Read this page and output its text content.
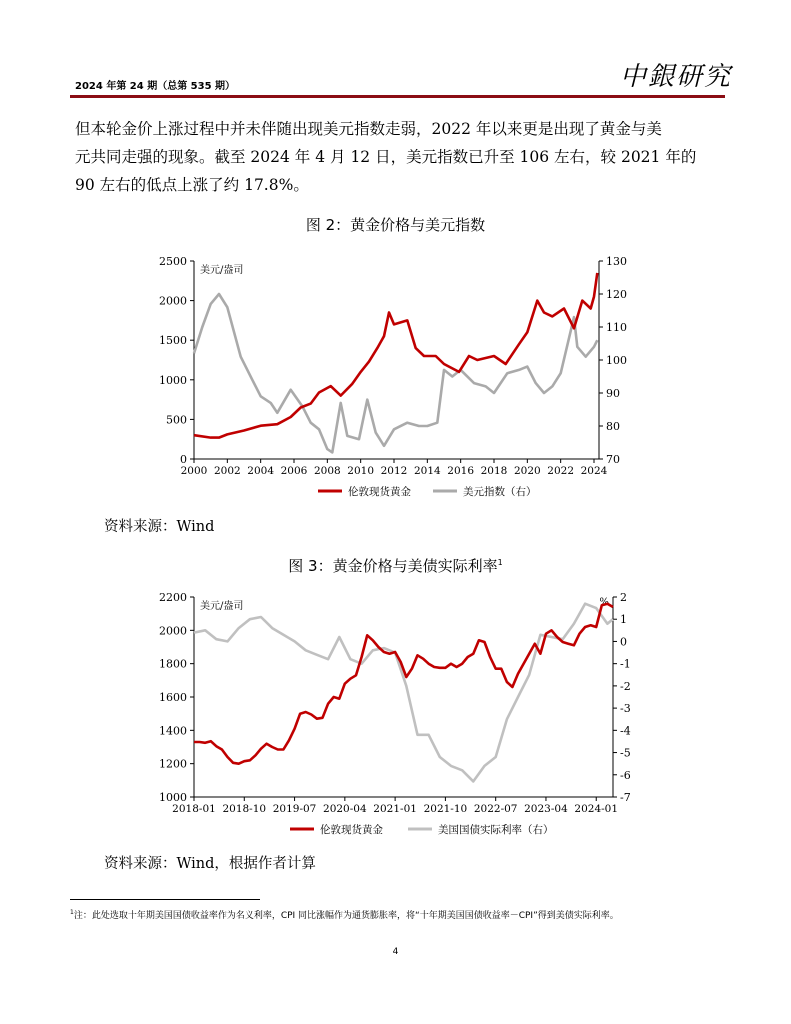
2024 年第 24 期（总第 535 期）	中銀研究

但本轮金价上涨过程中并未伴随出现美元指数走弱，2022 年以来更是出现了黄金与美

元共同走强的现象。截至 2024 年 4 月 12 日，美元指数已升至 106 左右，较 2021 年的

90 左右的低点上涨了约 17.8%。

图 2：黄金价格与美元指数
0
500
1000
1500
2000
2500
70
80
90
100
110
120
130
2000 2002 2004 2006 2008 2010 2012 2014 2016 2018 2020 2022 2024
美元/盎司
伦敦现货黄金	美元指数（右）
资料来源：Wind
图 3：黄金价格与美债实际利率$^1$
1000
1200
1400
1600
1800
2000
2200
-7
-6
-5
-4
-3
-2
-1
0
1
2
2018-01 2018-10 2019-07 2020-04 2021-01 2021-10 2022-07 2023-04 2024-01
美元/盎司	%
伦敦现货黄金	美国国债实际利率（右）
资料来源：Wind，根据作者计算
$^1$注：此处选取十年期美国国债收益率作为名义利率，CPI 同比涨幅作为通货膨胀率，将“十年期美国国债收益率－CPI”得到美债实际利率。
4
